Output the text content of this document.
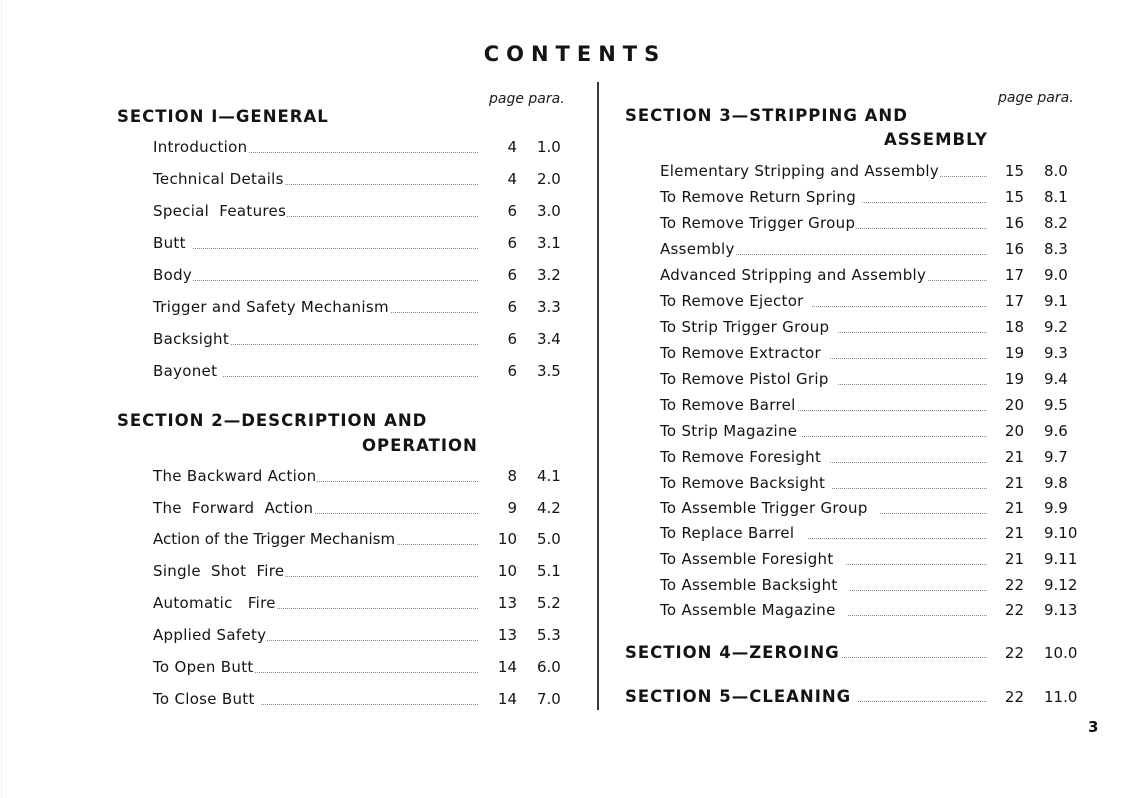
CONTENTS
page para.
SECTION I—GENERAL
Introduction	4 1.0
Technical Details	4 2.0
Special  Features	6 3.0
Butt	6 3.1
Body	6 3.2
Trigger and Safety Mechanism	6 3.3
Backsight	6 3.4
Bayonet	6 3.5
SECTION 2—DESCRIPTION AND
OPERATION
The Backward Action	8 4.1
The  Forward  Action	9 4.2
Action of the Trigger Mechanism	10 5.0
Single  Shot  Fire	10 5.1
Automatic   Fire	13 5.2
Applied Safety	13 5.3
To Open Butt	14 6.0
To Close Butt	14 7.0
page para.
SECTION 3—STRIPPING AND
ASSEMBLY
Elementary Stripping and Assembly	15 8.0
To Remove Return Spring	15 8.1
To Remove Trigger Group	16 8.2
Assembly	16 8.3
Advanced Stripping and Assembly	17 9.0
To Remove Ejector	17 9.1
To Strip Trigger Group	18 9.2
To Remove Extractor	19 9.3
To Remove Pistol Grip	19 9.4
To Remove Barrel	20 9.5
To Strip Magazine	20 9.6
To Remove Foresight	21 9.7
To Remove Backsight	21 9.8
To Assemble Trigger Group	21 9.9
To Replace Barrel	21 9.10
To Assemble Foresight	21 9.11
To Assemble Backsight	22 9.12
To Assemble Magazine	22 9.13
SECTION 4—ZEROING	22 10.0
SECTION 5—CLEANING	22 11.0
3
